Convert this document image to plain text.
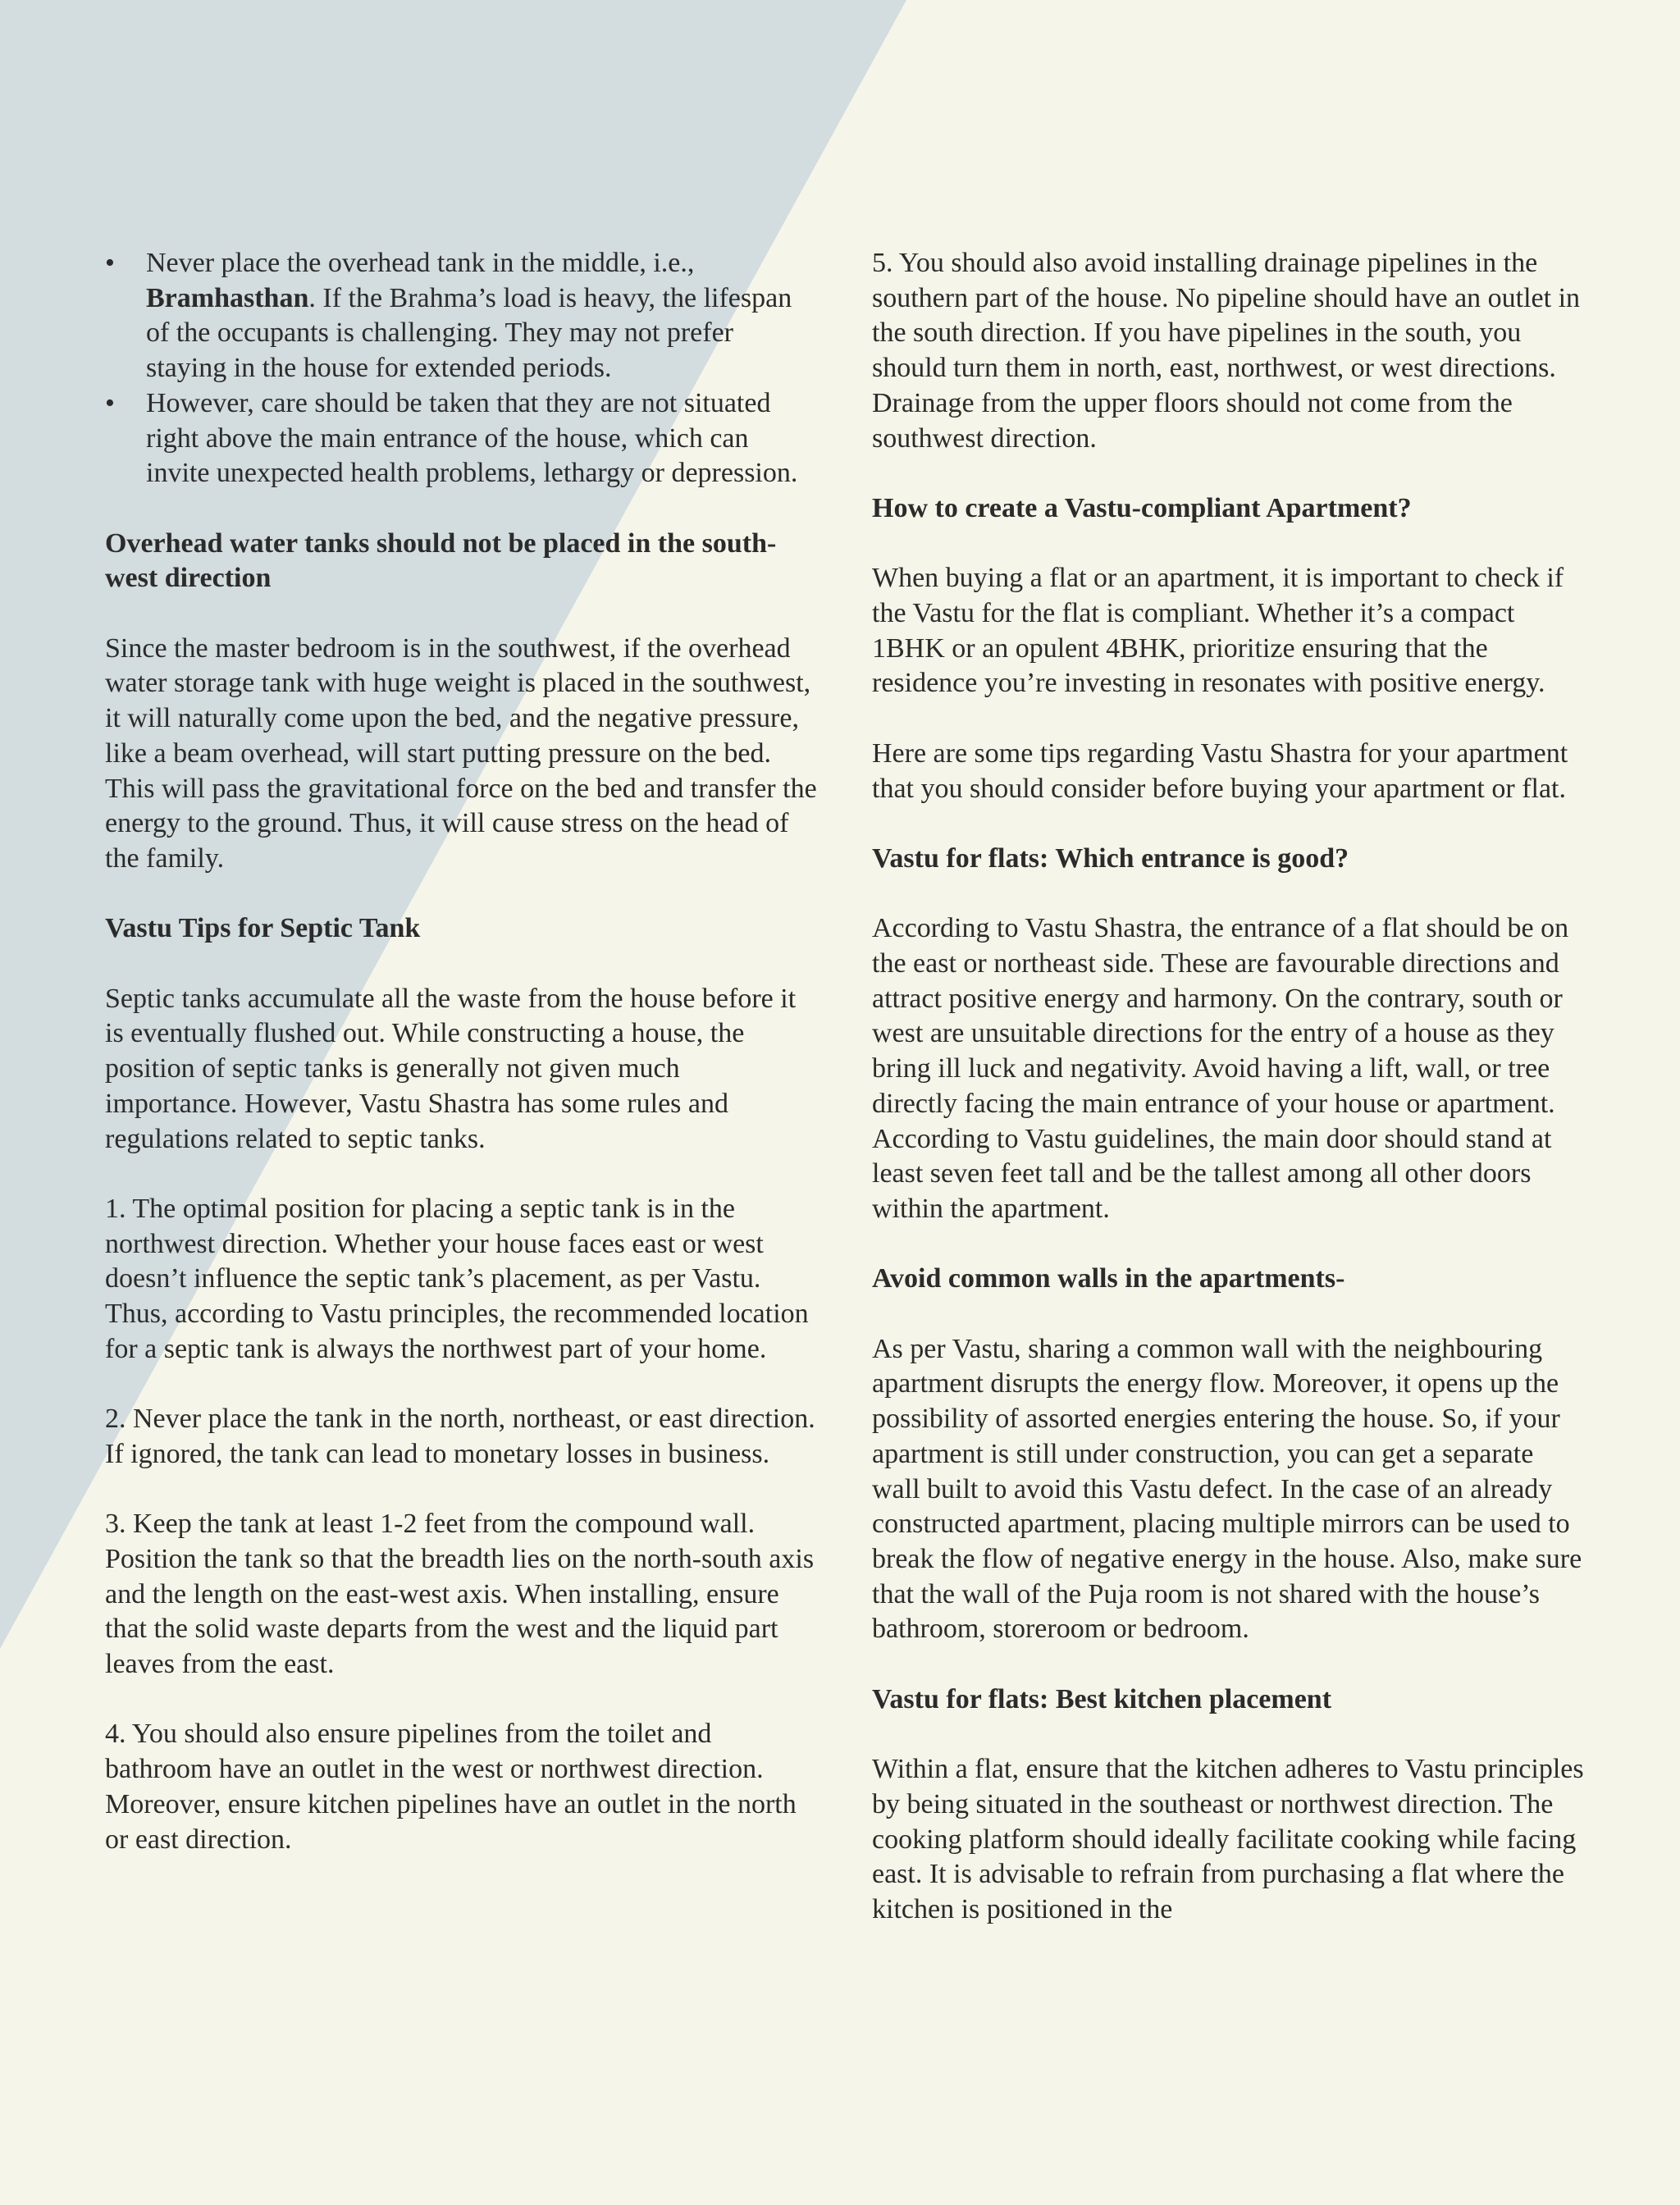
•	Never place the overhead tank in the middle, i.e., Bramhasthan. If the Brahma’s load is heavy, the lifespan of the occupants is challenging. They may not prefer staying in the house for extended periods.
•	However, care should be taken that they are not situated right above the main entrance of the house, which can invite unexpected health problems, lethargy or depression.
Overhead water tanks should not be placed in the south-west direction

Since the master bedroom is in the southwest, if the overhead water storage tank with huge weight is placed in the southwest, it will naturally come upon the bed, and the negative pressure, like a beam overhead, will start putting pressure on the bed. This will pass the gravitational force on the bed and transfer the energy to the ground. Thus, it will cause stress on the head of the family.

Vastu Tips for Septic Tank

Septic tanks accumulate all the waste from the house before it is eventually flushed out. While constructing a house, the position of septic tanks is generally not given much importance. However, Vastu Shastra has some rules and regulations related to septic tanks.

1. The optimal position for placing a septic tank is in the northwest direction. Whether your house faces east or west doesn’t influence the septic tank’s placement, as per Vastu. Thus, according to Vastu principles, the recommended location for a septic tank is always the northwest part of your home.

2. Never place the tank in the north, northeast, or east direction. If ignored, the tank can lead to monetary losses in business.

3. Keep the tank at least 1-2 feet from the compound wall. Position the tank so that the breadth lies on the north-south axis and the length on the east-west axis. When installing, ensure that the solid waste departs from the west and the liquid part leaves from the east.

4. You should also ensure pipelines from the toilet and bathroom have an outlet in the west or northwest direction. Moreover, ensure kitchen pipelines have an outlet in the north or east direction.

5. You should also avoid installing drainage pipelines in the southern part of the house. No pipeline should have an outlet in the south direction. If you have pipelines in the south, you should turn them in north, east, northwest, or west directions. Drainage from the upper floors should not come from the southwest direction.

How to create a Vastu-compliant Apartment?

When buying a flat or an apartment, it is important to check if the Vastu for the flat is compliant. Whether it’s a compact 1BHK or an opulent 4BHK, prioritize ensuring that the residence you’re investing in resonates with positive energy.

Here are some tips regarding Vastu Shastra for your apartment that you should consider before buying your apartment or flat.

Vastu for flats: Which entrance is good?

According to Vastu Shastra, the entrance of a flat should be on the east or northeast side. These are favourable directions and attract positive energy and harmony. On the contrary, south or west are unsuitable directions for the entry of a house as they bring ill luck and negativity. Avoid having a lift, wall, or tree directly facing the main entrance of your house or apartment. According to Vastu guidelines, the main door should stand at least seven feet tall and be the tallest among all other doors within the apartment.

Avoid common walls in the apartments-

As per Vastu, sharing a common wall with the neighbouring apartment disrupts the energy flow. Moreover, it opens up the possibility of assorted energies entering the house. So, if your apartment is still under construction, you can get a separate wall built to avoid this Vastu defect. In the case of an already constructed apartment, placing multiple mirrors can be used to break the flow of negative energy in the house. Also, make sure that the wall of the Puja room is not shared with the house’s bathroom, storeroom or bedroom.

Vastu for flats: Best kitchen placement

Within a flat, ensure that the kitchen adheres to Vastu principles by being situated in the southeast or northwest direction. The cooking platform should ideally facilitate cooking while facing east. It is advisable to refrain from purchasing a flat where the kitchen is positioned in the
